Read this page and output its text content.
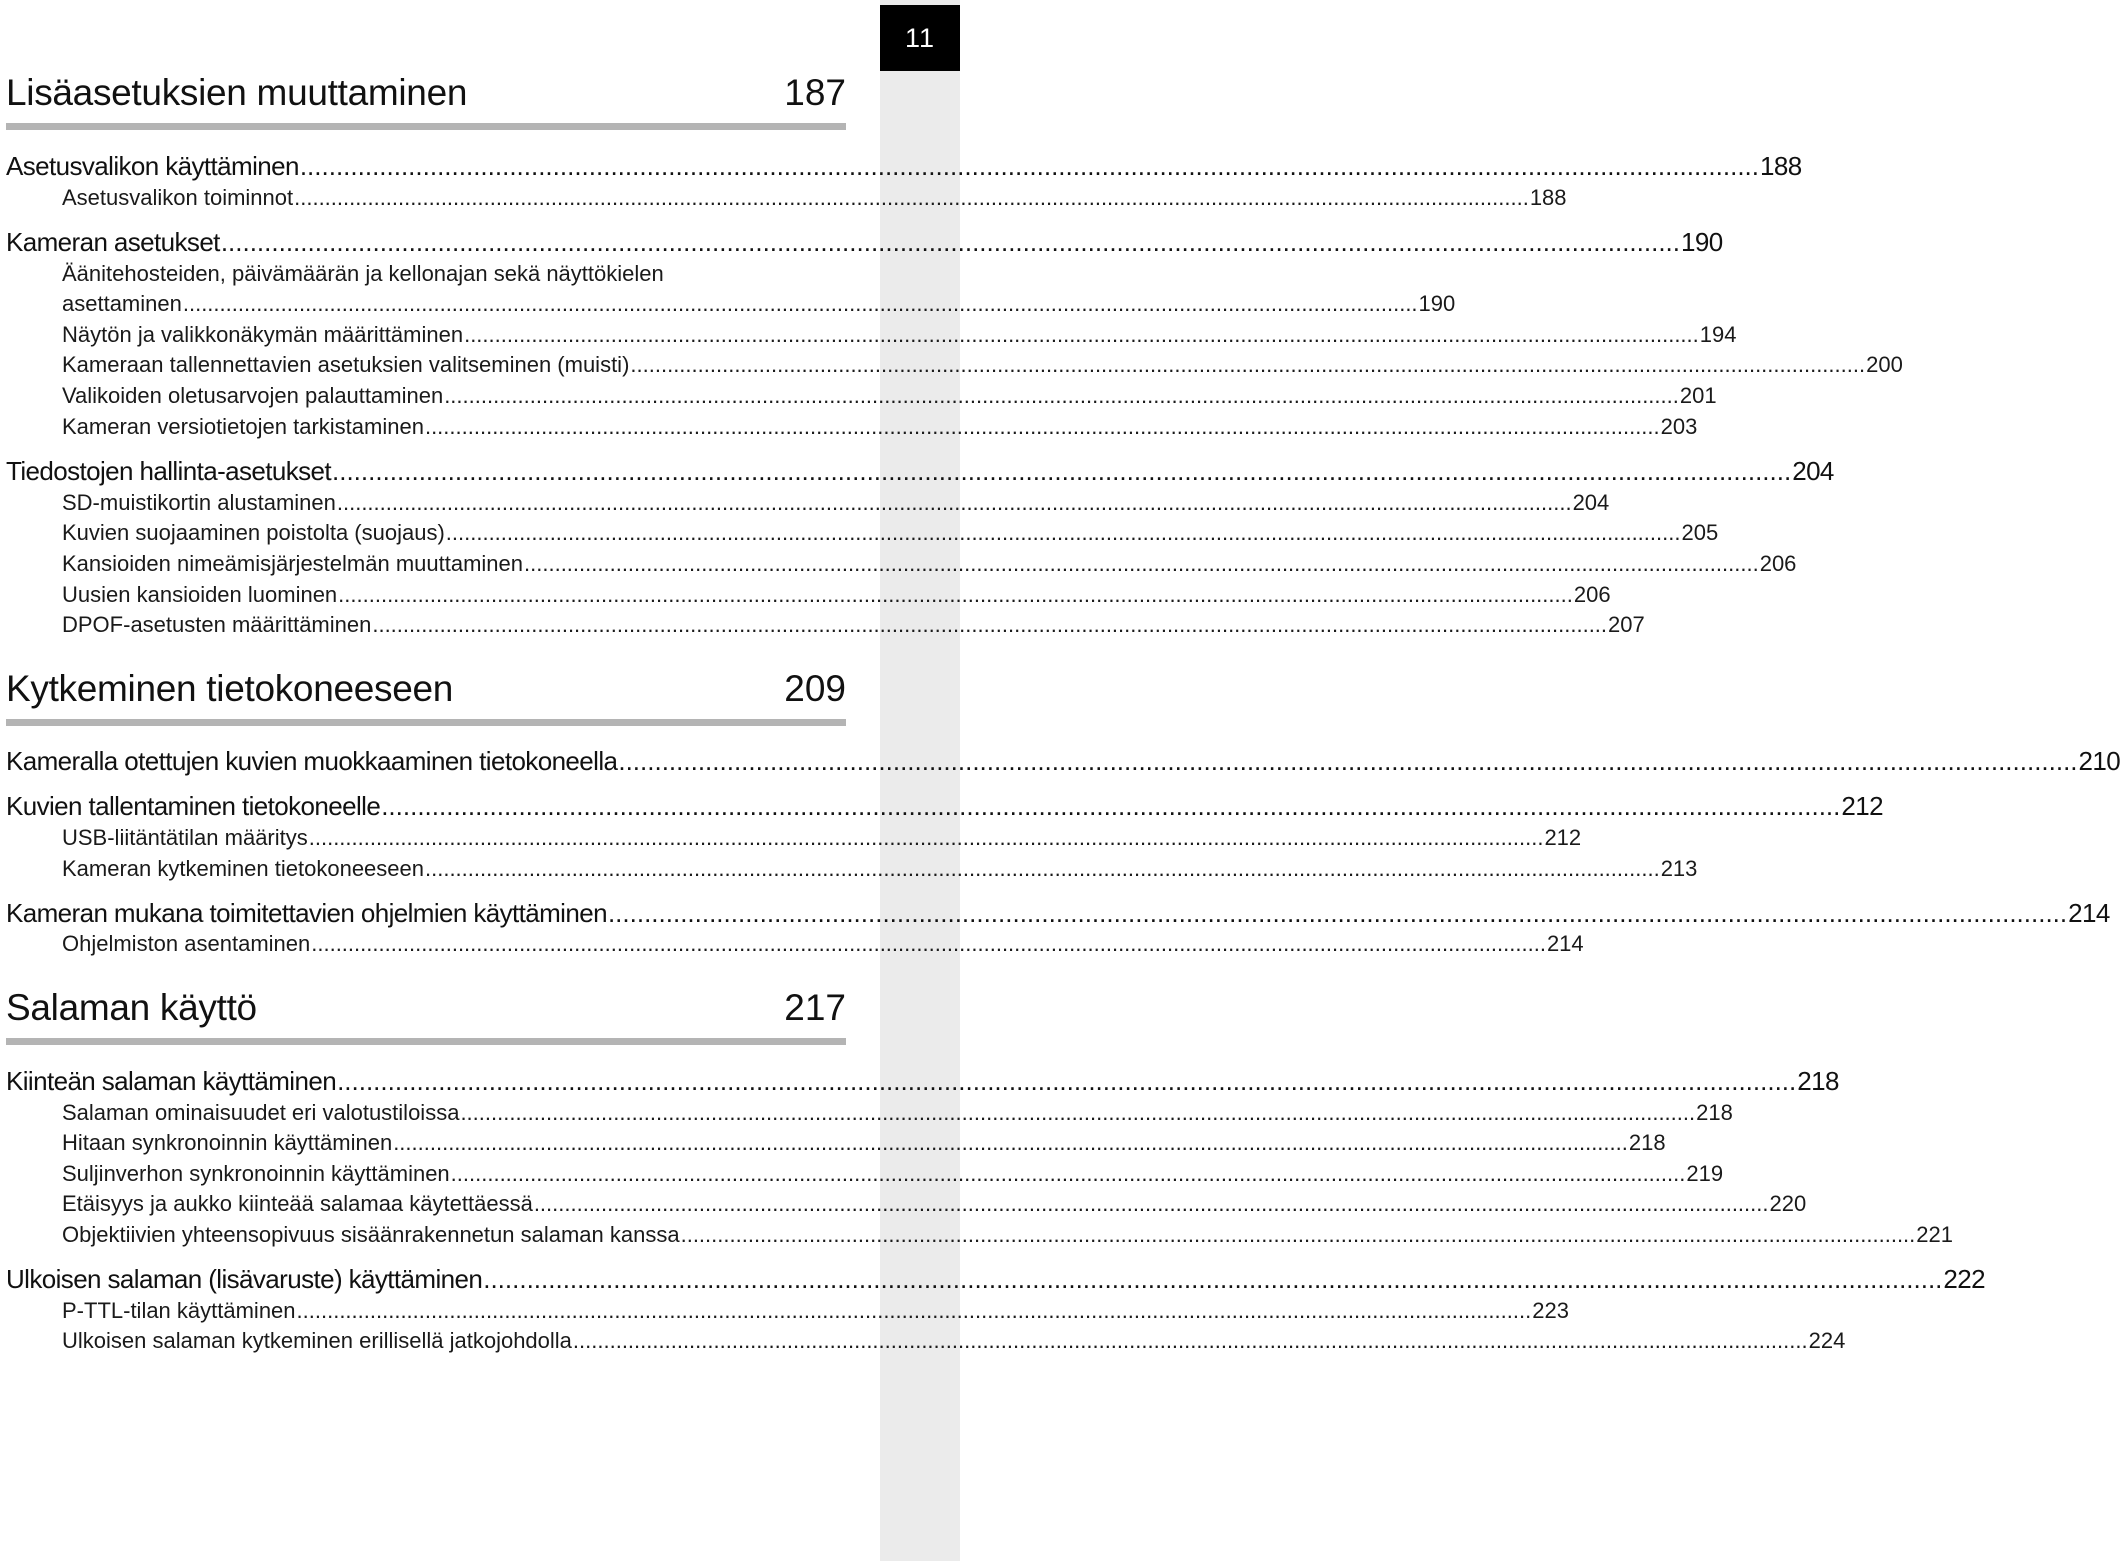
11
Lisäasetuksien muuttaminen	187
Asetusvalikon käyttäminen .....	188
Asetusvalikon toiminnot .....	188
Kameran asetukset .....	190
Äänitehosteiden, päivämäärän ja kellonajan sekä näyttökielen
asettaminen .....	190
Näytön ja valikkonäkymän määrittäminen .....	194
Kameraan tallennettavien asetuksien valitseminen (muisti) .....	200
Valikoiden oletusarvojen palauttaminen .....	201
Kameran versiotietojen tarkistaminen .....	203
Tiedostojen hallinta-asetukset .....	204
SD-muistikortin alustaminen .....	204
Kuvien suojaaminen poistolta (suojaus) .....	205
Kansioiden nimeämisjärjestelmän muuttaminen .....	206
Uusien kansioiden luominen .....	206
DPOF-asetusten määrittäminen .....	207
Kytkeminen tietokoneeseen	209
Kameralla otettujen kuvien muokkaaminen tietokoneella .....	210
Kuvien tallentaminen tietokoneelle .....	212
USB-liitäntätilan määritys .....	212
Kameran kytkeminen tietokoneeseen .....	213
Kameran mukana toimitettavien ohjelmien käyttäminen .....	214
Ohjelmiston asentaminen .....	214
Salaman käyttö	217
Kiinteän salaman käyttäminen .....	218
Salaman ominaisuudet eri valotustiloissa .....	218
Hitaan synkronoinnin käyttäminen .....	218
Suljinverhon synkronoinnin käyttäminen .....	219
Etäisyys ja aukko kiinteää salamaa käytettäessä .....	220
Objektiivien yhteensopivuus sisäänrakennetun salaman kanssa .....	221
Ulkoisen salaman (lisävaruste) käyttäminen .....	222
P-TTL-tilan käyttäminen .....	223
Ulkoisen salaman kytkeminen erillisellä jatkojohdolla .....	224
